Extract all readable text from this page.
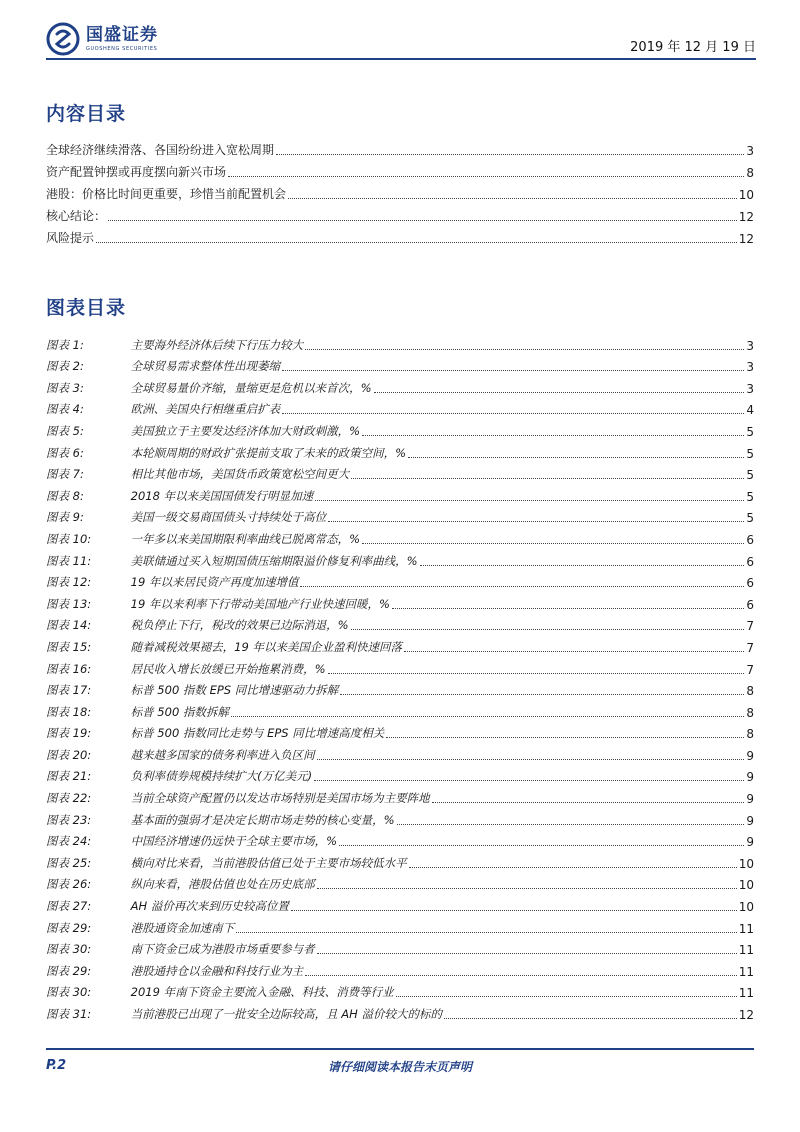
国盛证券
GUOSHENG SECURITIES	2019 年 12 月 19 日
内容目录
全球经济继续滑落、各国纷纷进入宽松周期	3
资产配置钟摆或再度摆向新兴市场	8
港股：价格比时间更重要，珍惜当前配置机会	10
核心结论：	12
风险提示	12
图表目录
图表 1:	主要海外经济体后续下行压力较大	3
图表 2:	全球贸易需求整体性出现萎缩	3
图表 3:	全球贸易量价齐缩，量缩更是危机以来首次，%	3
图表 4:	欧洲、美国央行相继重启扩表	4
图表 5:	美国独立于主要发达经济体加大财政刺激，%	5
图表 6:	本轮顺周期的财政扩张提前支取了未来的政策空间，%	5
图表 7:	相比其他市场，美国货币政策宽松空间更大	5
图表 8:	2018 年以来美国国债发行明显加速	5
图表 9:	美国一级交易商国债头寸持续处于高位	5
图表 10:	一年多以来美国期限利率曲线已脱离常态，%	6
图表 11:	美联储通过买入短期国债压缩期限溢价修复利率曲线，%	6
图表 12:	19 年以来居民资产再度加速增值	6
图表 13:	19 年以来利率下行带动美国地产行业快速回暖，%	6
图表 14:	税负停止下行，税改的效果已边际消退，%	7
图表 15:	随着减税效果褪去，19 年以来美国企业盈利快速回落	7
图表 16:	居民收入增长放缓已开始拖累消费，%	7
图表 17:	标普 500 指数 EPS 同比增速驱动力拆解	8
图表 18:	标普 500 指数拆解	8
图表 19:	标普 500 指数同比走势与 EPS 同比增速高度相关	8
图表 20:	越来越多国家的债务利率进入负区间	9
图表 21:	负利率债券规模持续扩大(万亿美元)	9
图表 22:	当前全球资产配置仍以发达市场特别是美国市场为主要阵地	9
图表 23:	基本面的强弱才是决定长期市场走势的核心变量，%	9
图表 24:	中国经济增速仍远快于全球主要市场，%	9
图表 25:	横向对比来看，当前港股估值已处于主要市场较低水平	10
图表 26:	纵向来看，港股估值也处在历史底部	10
图表 27:	AH 溢价再次来到历史较高位置	10
图表 29:	港股通资金加速南下	11
图表 30:	南下资金已成为港股市场重要参与者	11
图表 29:	港股通持仓以金融和科技行业为主	11
图表 30:	2019 年南下资金主要流入金融、科技、消费等行业	11
图表 31:	当前港股已出现了一批安全边际较高，且 AH 溢价较大的标的	12
P.2	请仔细阅读本报告末页声明
